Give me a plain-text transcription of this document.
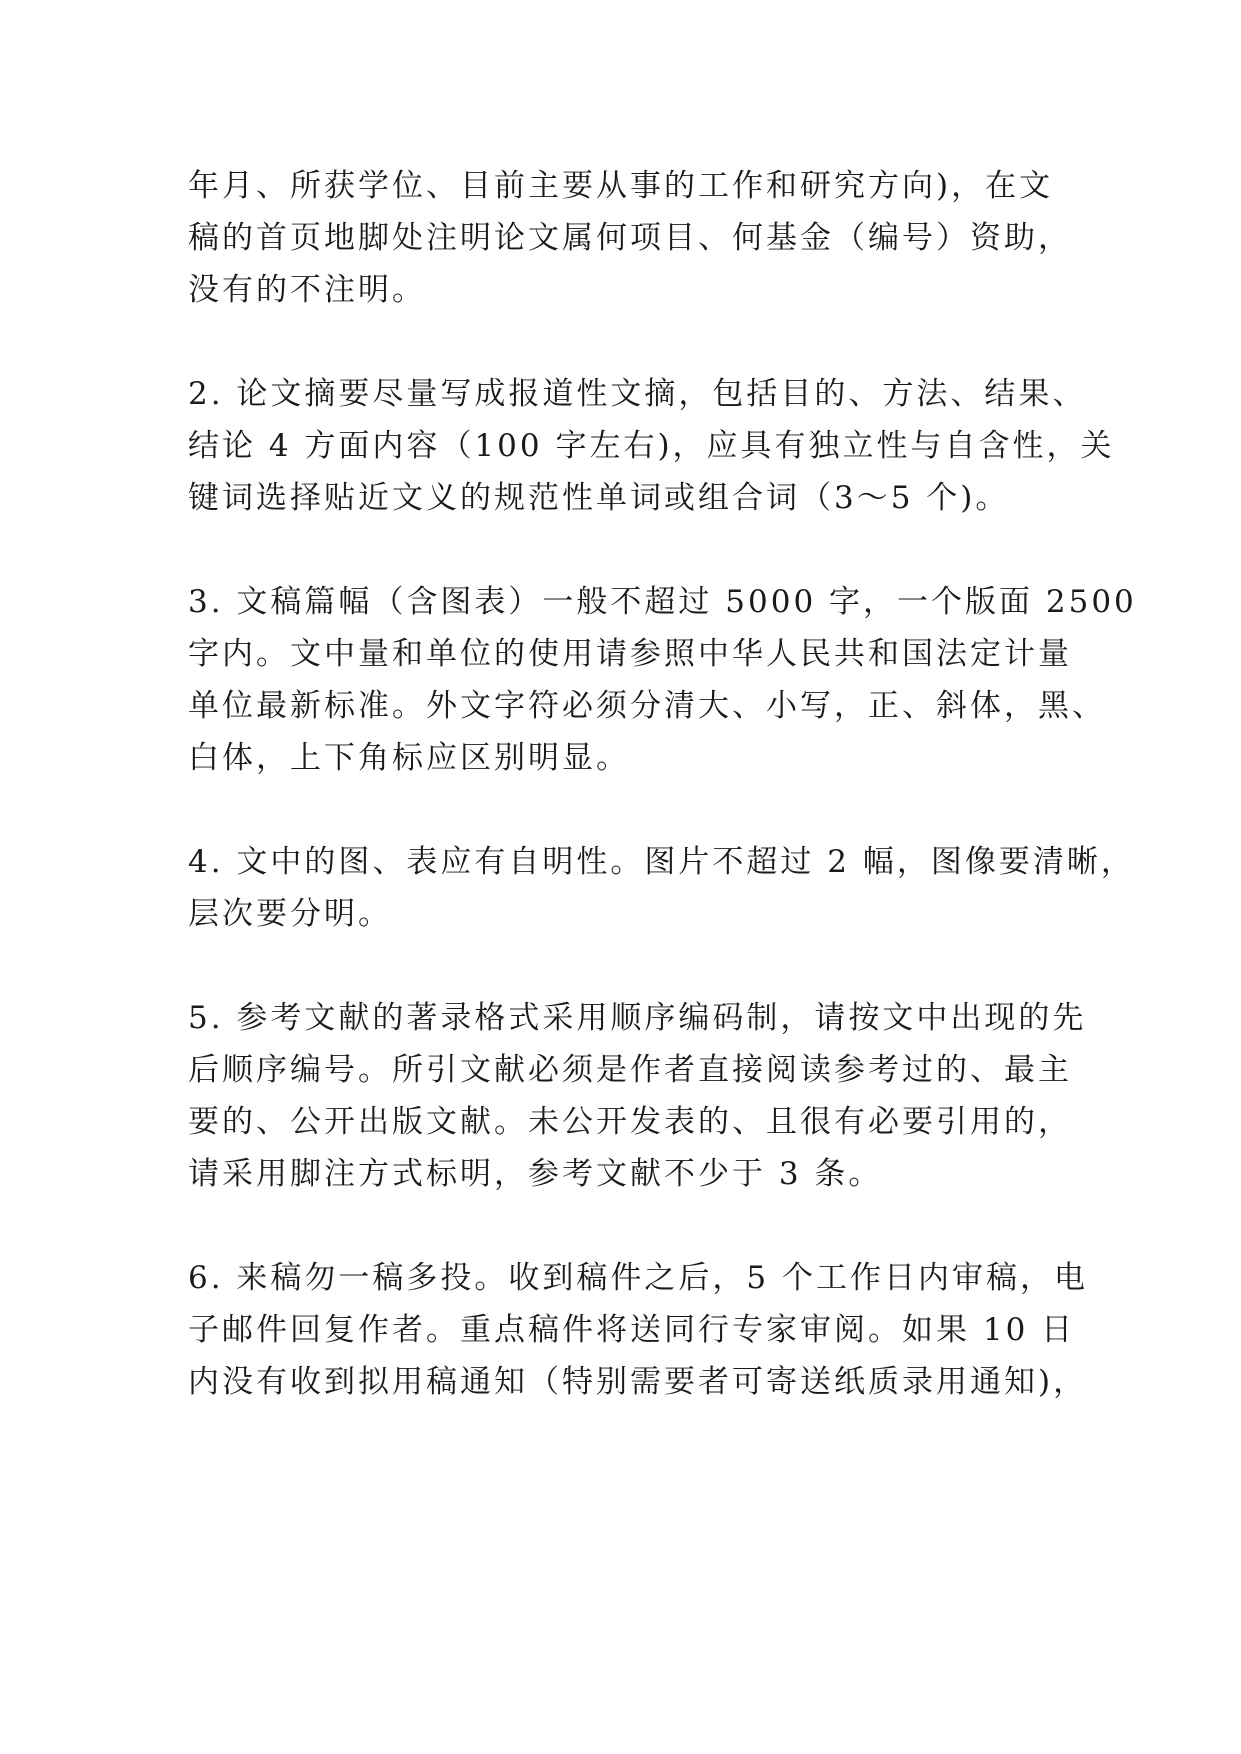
年月、所获学位、目前主要从事的工作和研究方向)，在文
稿的首页地脚处注明论文属何项目、何基金（编号）资助，
没有的不注明。

2. 论文摘要尽量写成报道性文摘，包括目的、方法、结果、
结论 4 方面内容（100 字左右)，应具有独立性与自含性，关
键词选择贴近文义的规范性单词或组合词（3～5 个)。

3. 文稿篇幅（含图表）一般不超过 5000 字，一个版面 2500
字内。文中量和单位的使用请参照中华人民共和国法定计量
单位最新标准。外文字符必须分清大、小写，正、斜体，黑、
白体，上下角标应区别明显。

4. 文中的图、表应有自明性。图片不超过 2 幅，图像要清晰，
层次要分明。

5. 参考文献的著录格式采用顺序编码制，请按文中出现的先
后顺序编号。所引文献必须是作者直接阅读参考过的、最主
要的、公开出版文献。未公开发表的、且很有必要引用的，
请采用脚注方式标明，参考文献不少于 3 条。

6. 来稿勿一稿多投。收到稿件之后，5 个工作日内审稿，电
子邮件回复作者。重点稿件将送同行专家审阅。如果 10 日
内没有收到拟用稿通知（特别需要者可寄送纸质录用通知)，
